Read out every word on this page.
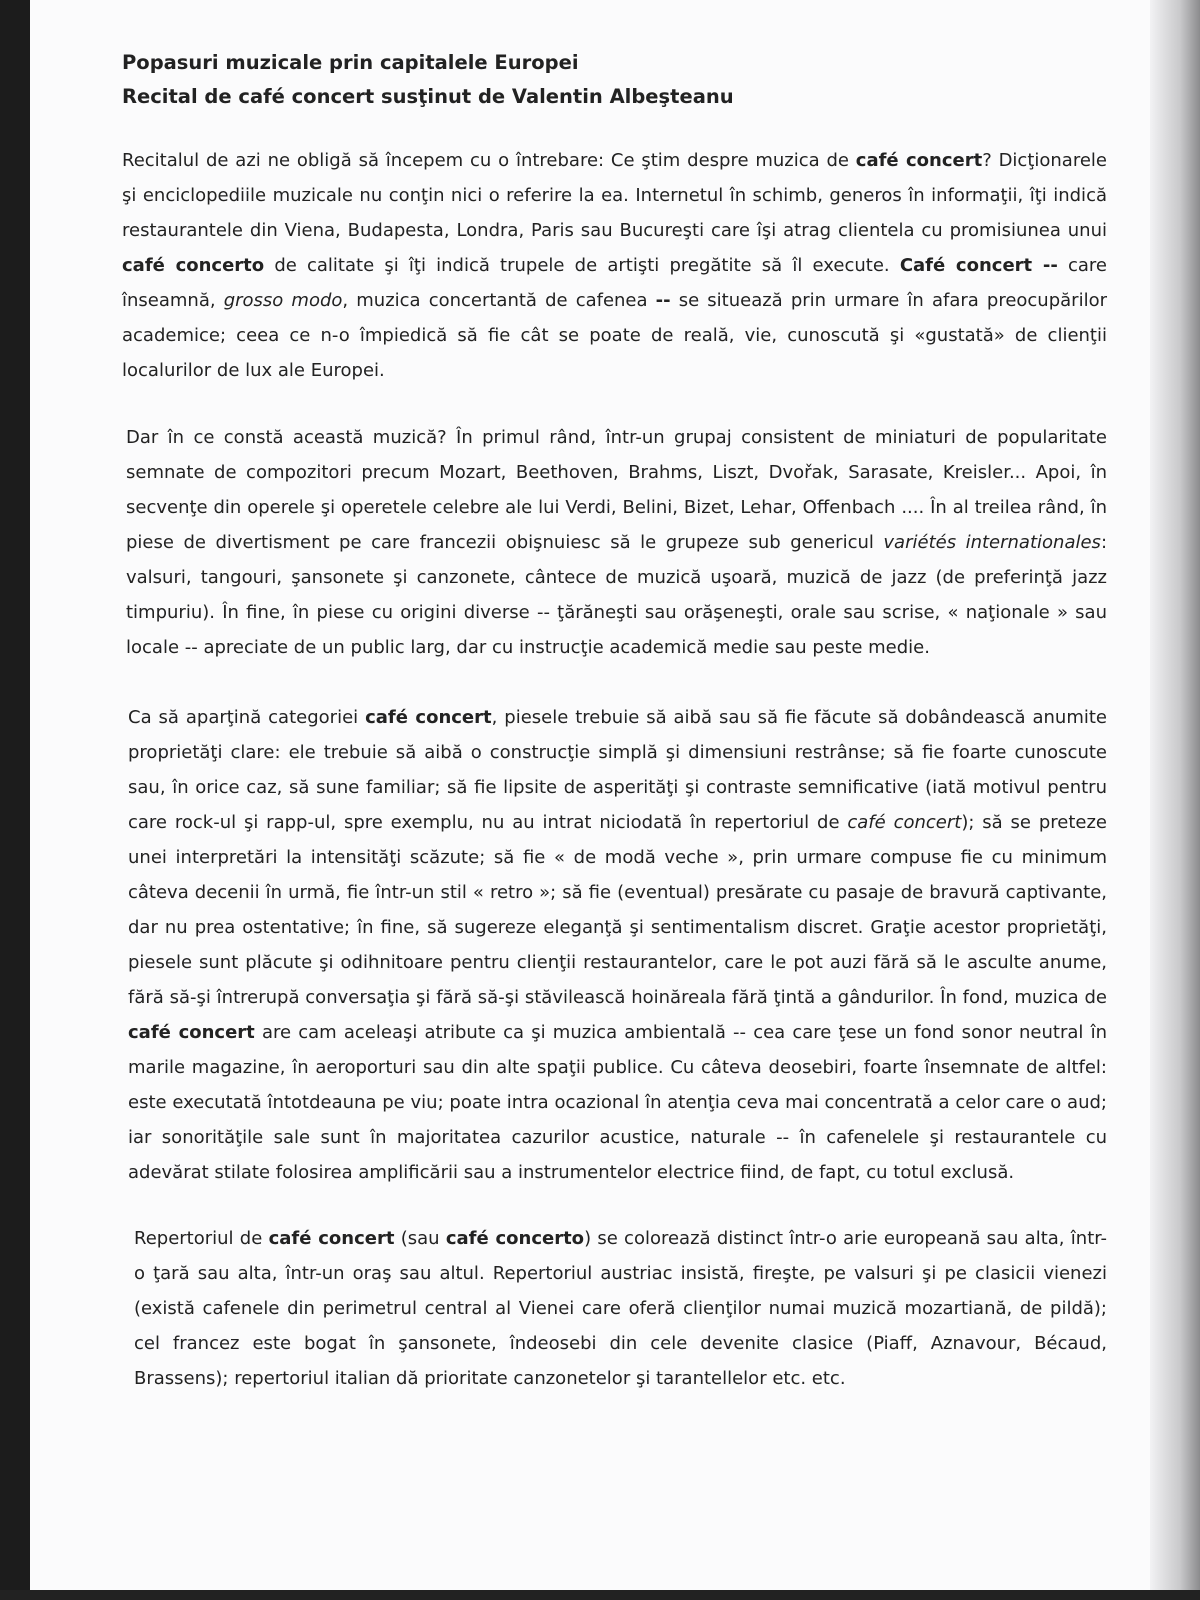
Popasuri muzicale prin capitalele Europei
Recital de café concert susţinut de Valentin Albeşteanu

Recitalul de azi ne obligă să începem cu o întrebare: Ce ştim despre muzica de café concert? Dicţionarele şi enciclopediile muzicale nu conţin nici o referire la ea. Internetul în schimb, generos în informaţii, îţi indică restaurantele din Viena, Budapesta, Londra, Paris sau Bucureşti care îşi atrag clientela cu promisiunea unui café concerto de calitate şi îţi indică trupele de artişti pregătite să îl execute. Café concert -- care înseamnă, grosso modo, muzica concertantă de cafenea -- se situează prin urmare în afara preocupărilor academice; ceea ce n-o împiedică să fie cât se poate de reală, vie, cunoscută şi «gustată» de clienţii localurilor de lux ale Europei.

Dar în ce constă această muzică? În primul rând, într-un grupaj consistent de miniaturi de popularitate semnate de compozitori precum Mozart, Beethoven, Brahms, Liszt, Dvořak, Sarasate, Kreisler... Apoi, în secvenţe din operele şi operetele celebre ale lui Verdi, Belini, Bizet, Lehar, Offenbach .... În al treilea rând, în piese de divertisment pe care francezii obişnuiesc să le grupeze sub genericul variétés internationales: valsuri, tangouri, şansonete şi canzonete, cântece de muzică uşoară, muzică de jazz (de preferinţă jazz timpuriu). În fine, în piese cu origini diverse -- ţărăneşti sau orăşeneşti, orale sau scrise, « naţionale » sau locale -- apreciate de un public larg, dar cu instrucţie academică medie sau peste medie.

Ca să aparţină categoriei café concert, piesele trebuie să aibă sau să fie făcute să dobândească anumite proprietăţi clare: ele trebuie să aibă o construcţie simplă şi dimensiuni restrânse; să fie foarte cunoscute sau, în orice caz, să sune familiar; să fie lipsite de asperităţi şi contraste semnificative (iată motivul pentru care rock-ul şi rapp-ul, spre exemplu, nu au intrat niciodată în repertoriul de café concert); să se preteze unei interpretări la intensităţi scăzute; să fie « de modă veche », prin urmare compuse fie cu minimum câteva decenii în urmă, fie într-un stil « retro »; să fie (eventual) presărate cu pasaje de bravură captivante, dar nu prea ostentative; în fine, să sugereze eleganţă şi sentimentalism discret. Graţie acestor proprietăţi, piesele sunt plăcute şi odihnitoare pentru clienţii restaurantelor, care le pot auzi fără să le asculte anume, fără să-şi întrerupă conversaţia şi fără să-şi stăvilească hoinăreala fără ţintă a gândurilor. În fond, muzica de café concert are cam aceleaşi atribute ca şi muzica ambientală -- cea care ţese un fond sonor neutral în marile magazine, în aeroporturi sau din alte spaţii publice. Cu câteva deosebiri, foarte însemnate de altfel: este executată întotdeauna pe viu; poate intra ocazional în atenţia ceva mai concentrată a celor care o aud; iar sonorităţile sale sunt în majoritatea cazurilor acustice, naturale -- în cafenelele şi restaurantele cu adevărat stilate folosirea amplificării sau a instrumentelor electrice fiind, de fapt, cu totul exclusă.

Repertoriul de café concert (sau café concerto) se colorează distinct într-o arie europeană sau alta, într-o ţară sau alta, într-un oraş sau altul. Repertoriul austriac insistă, fireşte, pe valsuri şi pe clasicii vienezi (există cafenele din perimetrul central al Vienei care oferă clienţilor numai muzică mozartiană, de pildă); cel francez este bogat în şansonete, îndeosebi din cele devenite clasice (Piaff, Aznavour, Bécaud, Brassens); repertoriul italian dă prioritate canzonetelor şi tarantellelor etc. etc.
